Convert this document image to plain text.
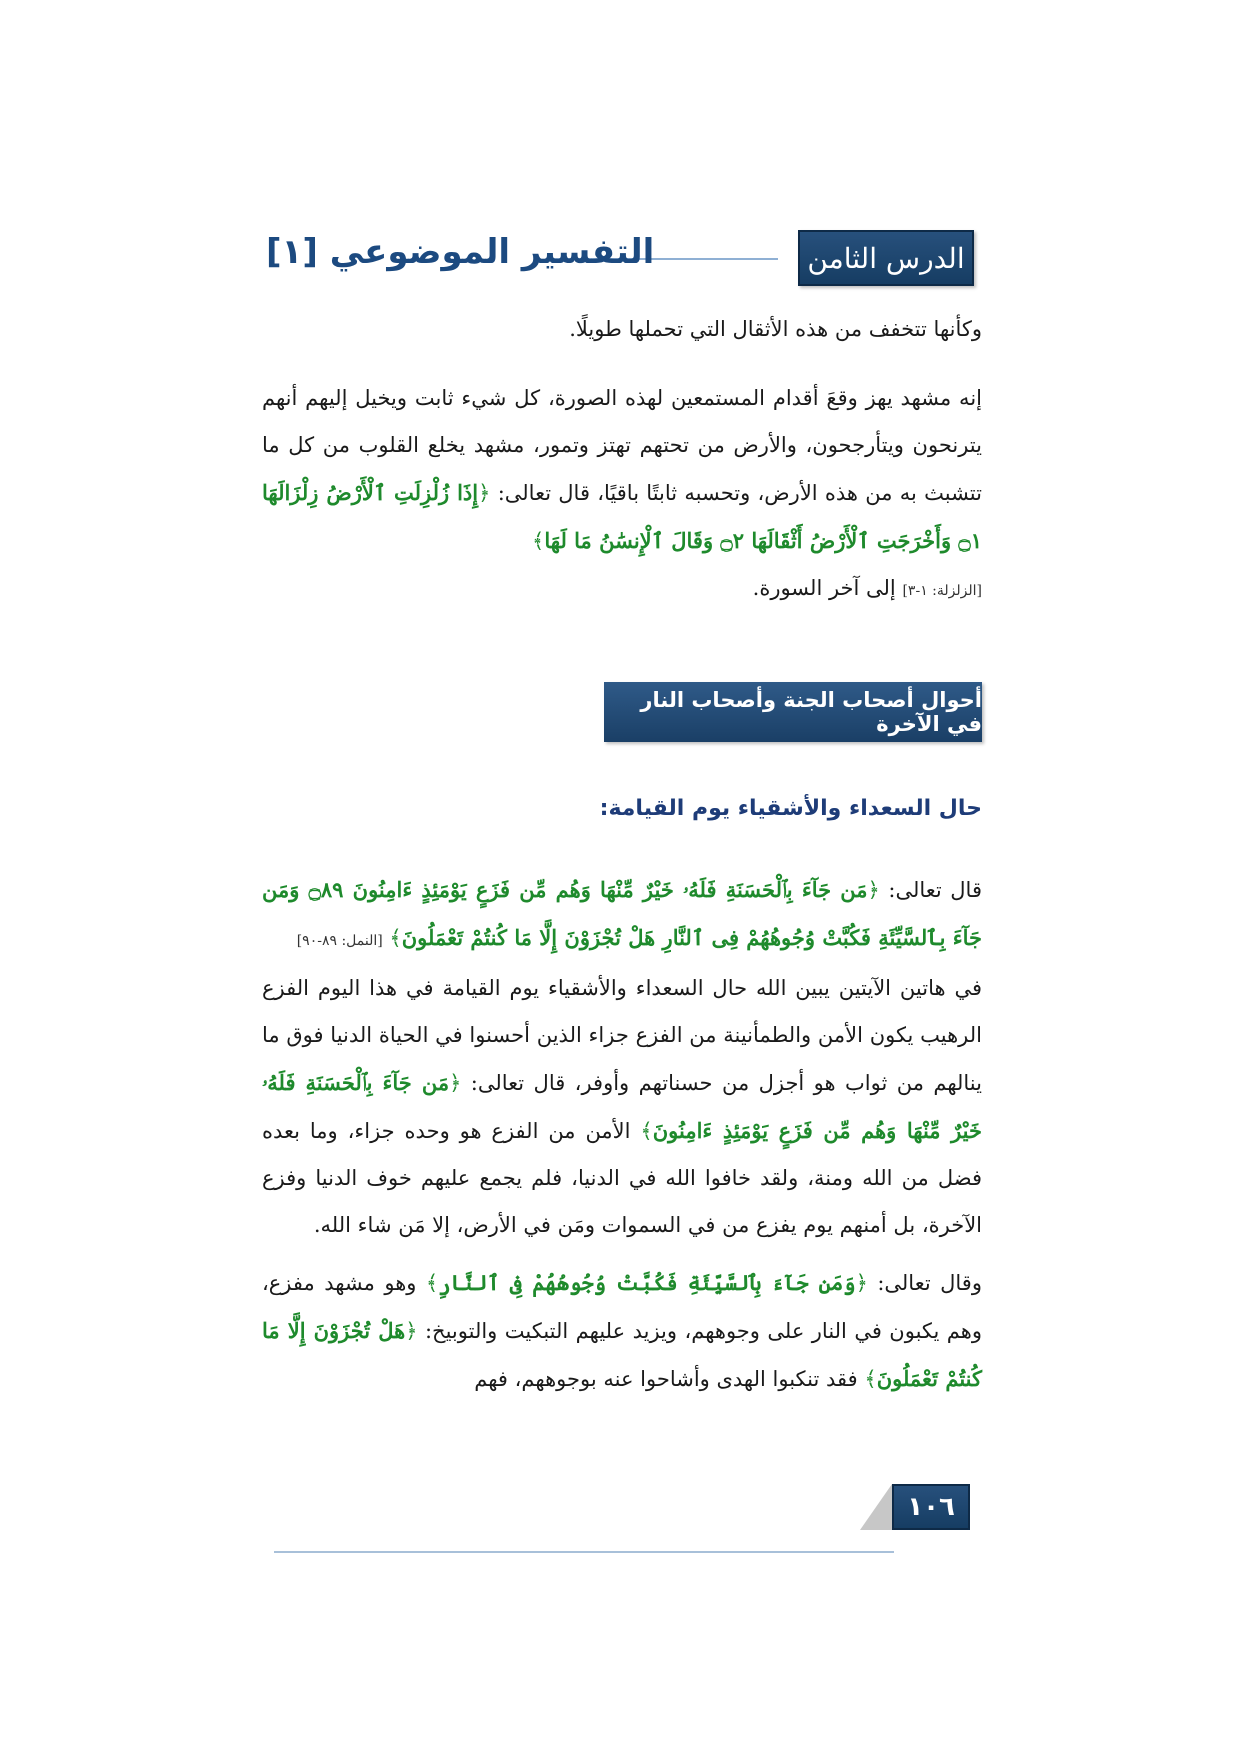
الدرس الثامن
التفسير الموضوعي [١]

وكأنها تتخفف من هذه الأثقال التي تحملها طويلًا.

إنه مشهد يهز وقعَ أقدام المستمعين لهذه الصورة، كل شيء ثابت ويخيل إليهم أنهم يترنحون ويتأرجحون، والأرض من تحتهم تهتز وتمور، مشهد يخلع القلوب من كل ما تتشبث به من هذه الأرض، وتحسبه ثابتًا باقيًا، قال تعالى: ﴿إِذَا زُلْزِلَتِ ٱلْأَرْضُ زِلْزَالَهَا ۝١ وَأَخْرَجَتِ ٱلْأَرْضُ أَثْقَالَهَا ۝٢ وَقَالَ ٱلْإِنسَٰنُ مَا لَهَا﴾
[الزلزلة: ١-٣] إلى آخر السورة.

أحوال أصحاب الجنة وأصحاب النار في الآخرة
حال السعداء والأشقياء يوم القيامة:

قال تعالى: ﴿مَن جَآءَ بِٱلْحَسَنَةِ فَلَهُۥ خَيْرٌ مِّنْهَا وَهُم مِّن فَزَعٍ يَوْمَئِذٍ ءَامِنُونَ ۝٨٩ وَمَن جَآءَ بِٱلسَّيِّئَةِ فَكُبَّتْ وُجُوهُهُمْ فِى ٱلنَّارِ هَلْ تُجْزَوْنَ إِلَّا مَا كُنتُمْ تَعْمَلُونَ﴾ [النمل: ٨٩-٩٠]

في هاتين الآيتين يبين الله حال السعداء والأشقياء يوم القيامة في هذا اليوم الفزع الرهيب يكون الأمن والطمأنينة من الفزع جزاء الذين أحسنوا في الحياة الدنيا فوق ما ينالهم من ثواب هو أجزل من حسناتهم وأوفر، قال تعالى: ﴿مَن جَآءَ بِٱلْحَسَنَةِ فَلَهُۥ خَيْرٌ مِّنْهَا وَهُم مِّن فَزَعٍ يَوْمَئِذٍ ءَامِنُونَ﴾ الأمن من الفزع هو وحده جزاء، وما بعده فضل من الله ومنة، ولقد خافوا الله في الدنيا، فلم يجمع عليهم خوف الدنيا وفزع الآخرة، بل أمنهم يوم يفزع من في السموات ومَن في الأرض، إلا مَن شاء الله.

وقال تعالى: ﴿وَمَن جَآءَ بِٱلسَّيِّئَةِ فَكُبَّتْ وُجُوهُهُمْ فِى ٱلنَّارِ﴾ وهو مشهد مفزع، وهم يكبون في النار على وجوههم، ويزيد عليهم التبكيت والتوبيخ: ﴿هَلْ تُجْزَوْنَ إِلَّا مَا كُنتُمْ تَعْمَلُونَ﴾ فقد تنكبوا الهدى وأشاحوا عنه بوجوههم، فهم

١٠٦
